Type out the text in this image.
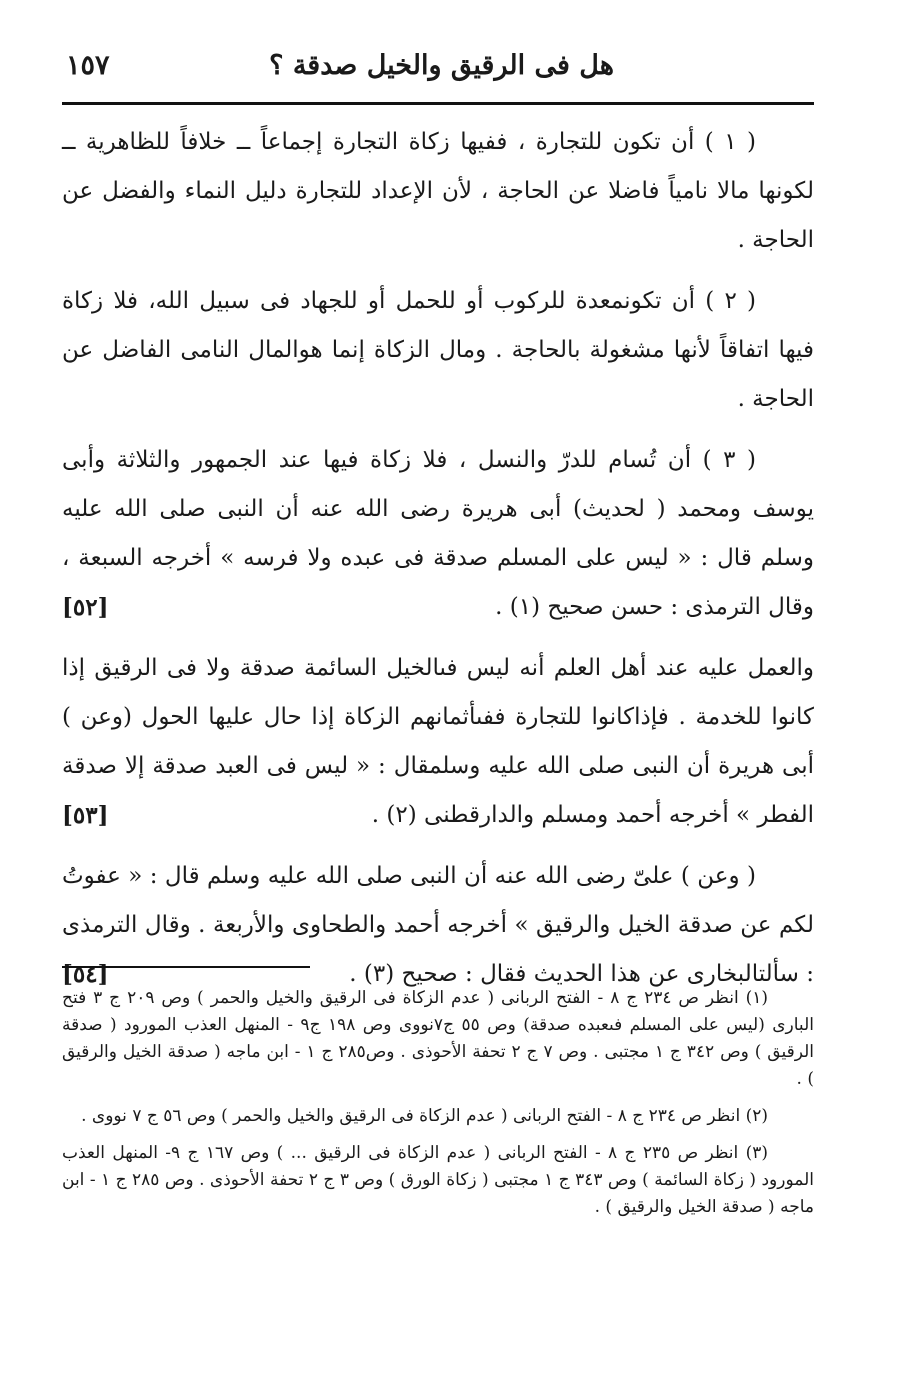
هل فى الرقيق والخيل صدقة ؟
١٥٧

( ١ ) أن تكون للتجارة ، ففيها زكاة التجارة إجماعاً ــ خلافاً للظاهرية ــ لكونها مالا نامياً فاضلا عن الحاجة ، لأن الإعداد للتجارة دليل النماء والفضل عن الحاجة .

( ٢ ) أن تكونمعدة للركوب أو للحمل أو للجهاد فى سبيل الله، فلا زكاة فيها اتفاقاً لأنها مشغولة بالحاجة . ومال الزكاة إنما هوالمال النامى الفاضل عن الحاجة .

( ٣ ) أن تُسام للدرّ والنسل ، فلا زكاة فيها عند الجمهور والثلاثة وأبى يوسف ومحمد ( لحديث) أبى هريرة رضى الله عنه أن النبى صلى الله عليه وسلم قال : « ليس على المسلم صدقة فى عبده ولا فرسه » أخرجه السبعة ، وقال الترمذى : حسن صحيح (١) .
[٥٢]

والعمل عليه عند أهل العلم أنه ليس فىالخيل السائمة صدقة ولا فى الرقيق إذا كانوا للخدمة . فإذاكانوا للتجارة ففىأثمانهم الزكاة إذا حال عليها الحول (وعن ) أبى هريرة أن النبى صلى الله عليه وسلمقال : « ليس فى العبد صدقة إلا صدقة الفطر » أخرجه أحمد ومسلم والدارقطنى (٢) .
[٥٣]

( وعن ) علىّ رضى الله عنه أن النبى صلى الله عليه وسلم قال : « عفوتُ لكم عن صدقة الخيل والرقيق » أخرجه أحمد والطحاوى والأربعة . وقال الترمذى : سألتالبخارى عن هذا الحديث فقال : صحيح (٣) .
[٥٤]

(١) انظر ص ٢٣٤ ج ٨ - الفتح الربانى ( عدم الزكاة فى الرقيق والخيل والحمر ) وص ٢٠٩ ج ٣ فتح البارى (ليس على المسلم فىعبده صدقة) وص ٥٥ ج٧نووى وص ١٩٨ ج٩ - المنهل العذب المورود ( صدقة الرقيق ) وص ٣٤٢ ج ١ مجتبى . وص ٧ ج ٢ تحفة الأحوذى . وص٢٨٥ ج ١ - ابن ماجه ( صدقة الخيل والرقيق ) .

(٢) انظر ص ٢٣٤ ج ٨ - الفتح الربانى ( عدم الزكاة فى الرقيق والخيل والحمر ) وص ٥٦ ج ٧ نووى .

(٣) انظر ص ٢٣٥ ج ٨ - الفتح الربانى ( عدم الزكاة فى الرقيق ... ) وص ١٦٧ ج ٩- المنهل العذب المورود ( زكاة السائمة ) وص ٣٤٣ ج ١ مجتبى ( زكاة الورق ) وص ٣ ج ٢ تحفة الأحوذى . وص ٢٨٥ ج ١ - ابن ماجه ( صدقة الخيل والرقيق ) .
